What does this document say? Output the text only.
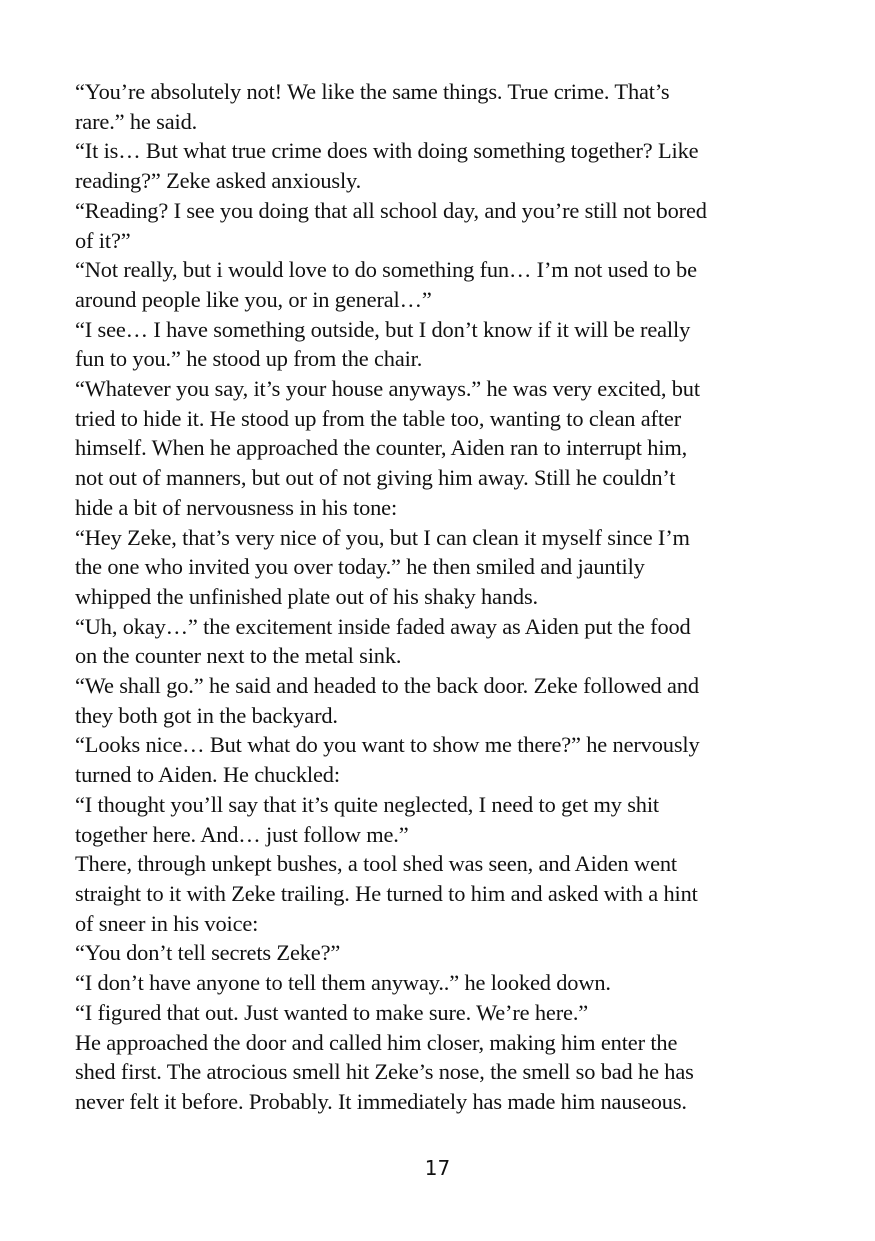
“You’re absolutely not! We like the same things. True crime. That’s
rare.” he said.

“It is… But what true crime does with doing something together? Like
reading?” Zeke asked anxiously.

“Reading? I see you doing that all school day, and you’re still not bored
of it?”

“Not really, but i would love to do something fun… I’m not used to be
around people like you, or in general…”

“I see… I have something outside, but I don’t know if it will be really
fun to you.” he stood up from the chair.

“Whatever you say, it’s your house anyways.” he was very excited, but
tried to hide it. He stood up from the table too, wanting to clean after
himself. When he approached the counter, Aiden ran to interrupt him,
not out of manners, but out of not giving him away. Still he couldn’t
hide a bit of nervousness in his tone:

“Hey Zeke, that’s very nice of you, but I can clean it myself since I’m
the one who invited you over today.” he then smiled and jauntily
whipped the unfinished plate out of his shaky hands.

“Uh, okay…” the excitement inside faded away as Aiden put the food
on the counter next to the metal sink.

“We shall go.” he said and headed to the back door. Zeke followed and
they both got in the backyard.

“Looks nice… But what do you want to show me there?” he nervously
turned to Aiden. He chuckled:

“I thought you’ll say that it’s quite neglected, I need to get my shit
together here. And… just follow me.”

There, through unkept bushes, a tool shed was seen, and Aiden went
straight to it with Zeke trailing. He turned to him and asked with a hint
of sneer in his voice:

“You don’t tell secrets Zeke?”

“I don’t have anyone to tell them anyway..” he looked down.

“I figured that out. Just wanted to make sure. We’re here.”

He approached the door and called him closer, making him enter the
shed first. The atrocious smell hit Zeke’s nose, the smell so bad he has
never felt it before. Probably. It immediately has made him nauseous.

17
